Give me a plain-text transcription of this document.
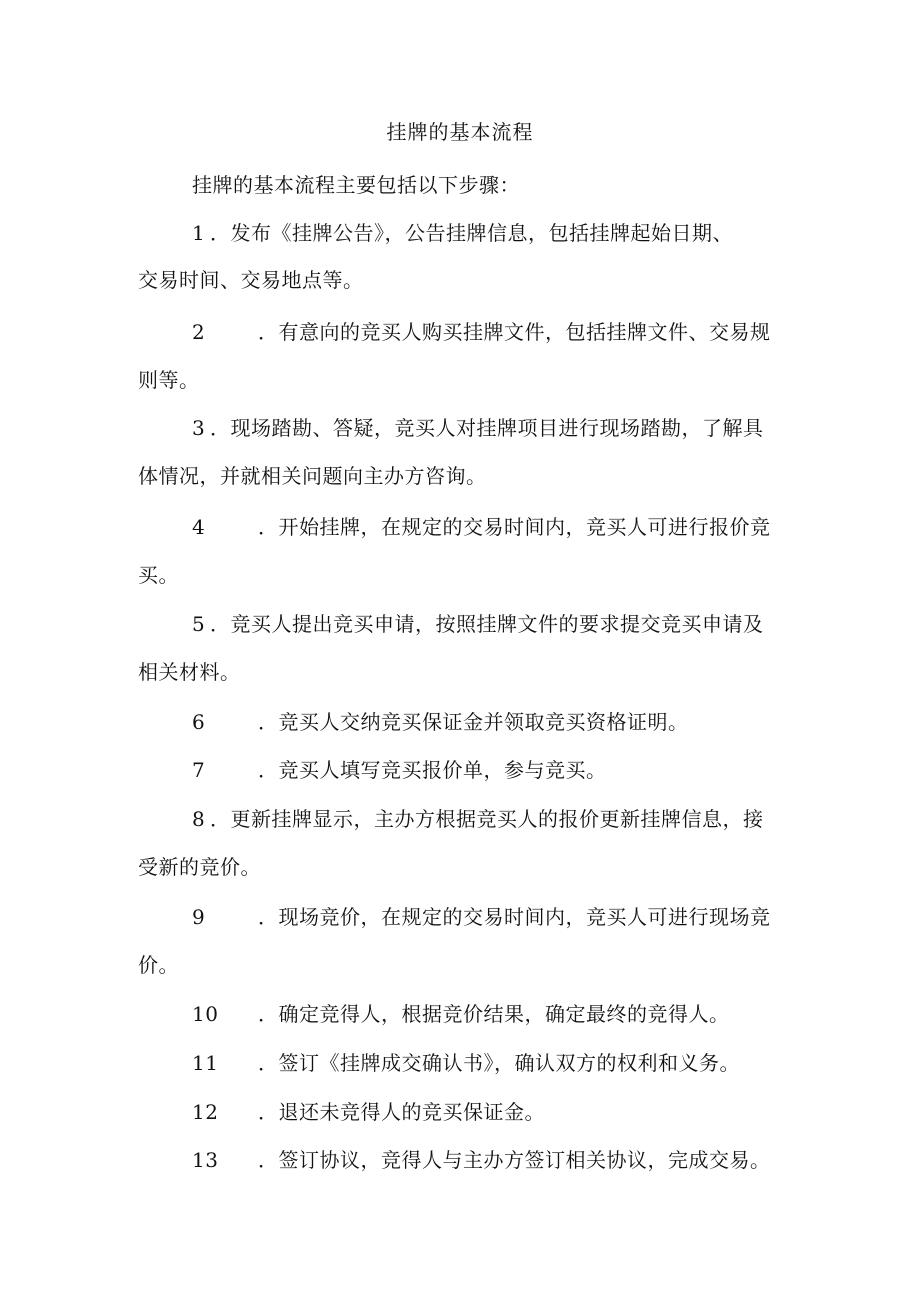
挂牌的基本流程
挂牌的基本流程主要包括以下步骤：
1 ．发布《挂牌公告》，公告挂牌信息，包括挂牌起始日期、
交易时间、交易地点等。
2	．有意向的竞买人购买挂牌文件，包括挂牌文件、交易规
则等。
3 ．现场踏勘、答疑，竞买人对挂牌项目进行现场踏勘，了解具
体情况，并就相关问题向主办方咨询。
4	．开始挂牌，在规定的交易时间内，竞买人可进行报价竞
买。
5 ．竞买人提出竞买申请，按照挂牌文件的要求提交竞买申请及
相关材料。
6	．竞买人交纳竞买保证金并领取竞买资格证明。
7	．竞买人填写竞买报价单，参与竞买。
8 ．更新挂牌显示，主办方根据竞买人的报价更新挂牌信息，接
受新的竞价。
9	．现场竞价，在规定的交易时间内，竞买人可进行现场竞
价。
10 ．确定竞得人，根据竞价结果，确定最终的竞得人。
11 ．签订《挂牌成交确认书》，确认双方的权利和义务。
12 ．退还未竞得人的竞买保证金。
13 ．签订协议，竞得人与主办方签订相关协议，完成交易。
